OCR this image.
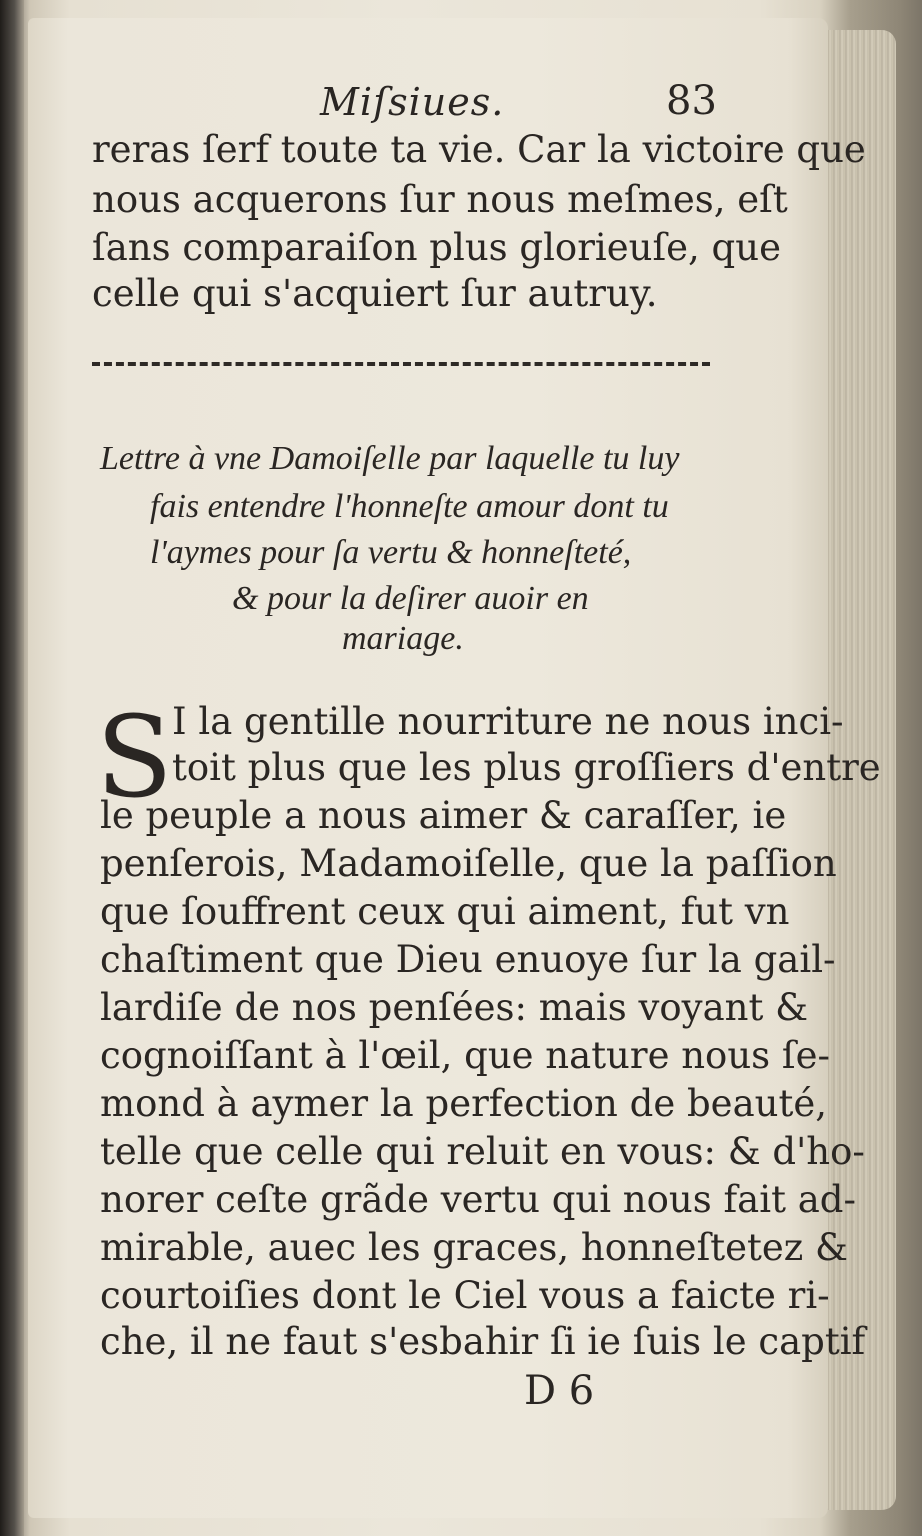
Miſsiues.	83
reras ſerf toute ta vie. Car la victoire que
nous acquerons ſur nous meſmes, eſt
ſans comparaiſon plus glorieuſe, que
celle qui s'acquiert ſur autruy.
Lettre à vne Damoiſelle par laquelle tu luy
fais entendre l'honneſte amour dont tu
l'aymes pour ſa vertu & honneſteté,
& pour la deſirer auoir en
mariage.
S I la gentille nourriture ne nous inci-
toit plus que les plus groſſiers d'entre
le peuple a nous aimer & caraſſer, ie
penſerois, Madamoiſelle, que la paſſion
que ſouffrent ceux qui aiment, fut vn
chaſtiment que Dieu enuoye ſur la gail-
lardiſe de nos penſées: mais voyant &
cognoiſſant à l'œil, que nature nous ſe-
mond à aymer la perfection de beauté,
telle que celle qui reluit en vous: & d'ho-
norer ceſte grãde vertu qui nous fait ad-
mirable, auec les graces, honneſtetez &
courtoiſies dont le Ciel vous a faicte ri-
che, il ne faut s'esbahir ſi ie ſuis le captif
D 6
